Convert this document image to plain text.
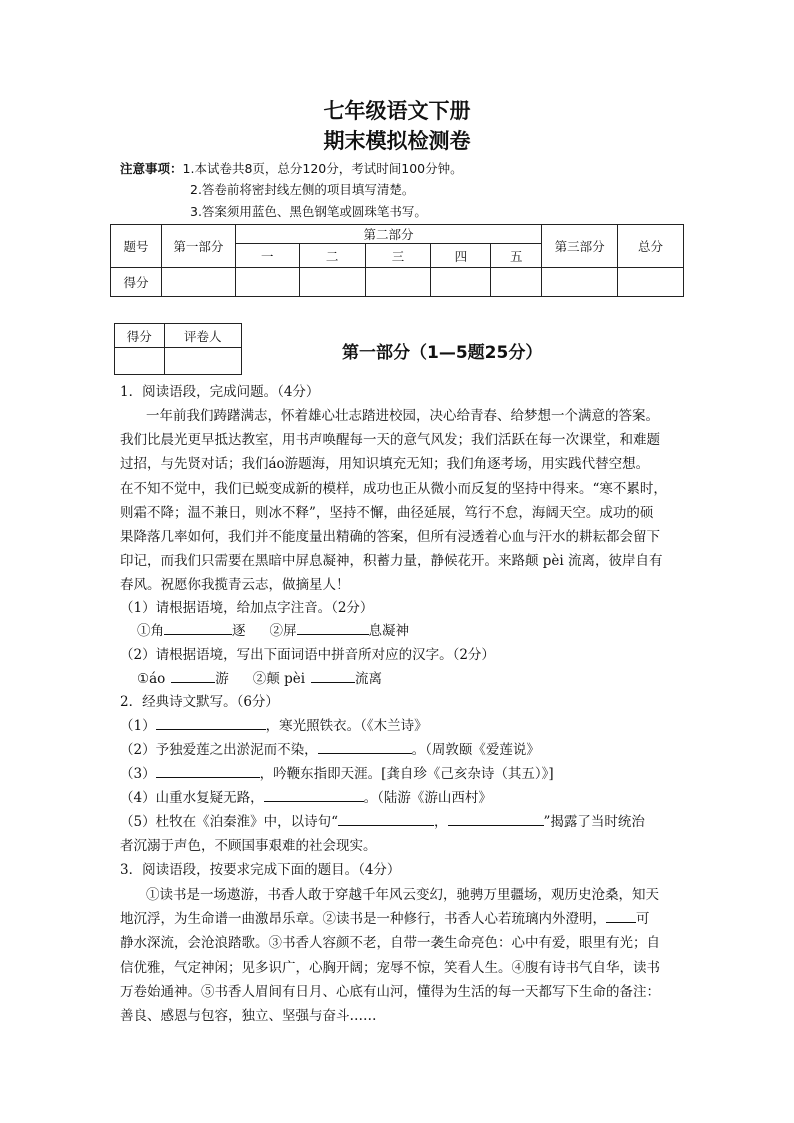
七年级语文下册
期末模拟检测卷
注意事项：1.本试卷共8页，总分120分，考试时间100分钟。
2.答卷前将密封线左侧的项目填写清楚。
3.答案须用蓝色、黑色钢笔或圆珠笔书写。
题号	第一部分	第二部分					第三部分	总分
		一	二	三	四	五		
得分								
得分	评卷人

第一部分（1—5题25分）
1．阅读语段，完成问题。（4分）
一年前我们踌躇满志，怀着雄心壮志踏进校园，决心给青春、给梦想一个满意的答案。
我们比晨光更早抵达教室，用书声唤醒每一天的意气风发；我们活跃在每一次课堂，和难题
过招，与先贤对话；我们áo游题海，用知识填充无知；我们角逐考场，用实践代替空想。
在不知不觉中，我们已蜕变成新的模样，成功也正从微小而反复的坚持中得来。“寒不累时，
则霜不降；温不兼日，则冰不释”，坚持不懈，曲径延展，笃行不怠，海阔天空。成功的硕
果降落几率如何，我们并不能度量出精确的答案，但所有浸透着心血与汗水的耕耘都会留下
印记，而我们只需要在黑暗中屏息凝神，积蓄力量，静候花开。来路颠 pèi 流离，彼岸自有
春风。祝愿你我揽青云志，做摘星人！
（1）请根据语境，给加点字注音。（2分）
①角	逐 ②屏	息凝神
（2）请根据语境，写出下面词语中拼音所对应的汉字。（2分）
①áo	游 ②颠 pèi	流离
2．经典诗文默写。（6分）
（1）	，寒光照铁衣。（《木兰诗》
（2）予独爱莲之出淤泥而不染，	。（周敦颐《爱莲说》
（3）	，吟鞭东指即天涯。[龚自珍《己亥杂诗（其五）》]
（4）山重水复疑无路，	。（陆游《游山西村》
（5）杜牧在《泊秦淮》中，以诗句“	，	”揭露了当时统治
者沉溺于声色，不顾国事艰难的社会现实。
3．阅读语段，按要求完成下面的题目。（4分）
①读书是一场遨游，书香人敢于穿越千年风云变幻，驰骋万里疆场，观历史沧桑，知天
地沉浮，为生命谱一曲激昂乐章。②读书是一种修行，书香人心若琉璃内外澄明， 可
静水深流，会沧浪踏歌。③书香人容颜不老，自带一袭生命亮色：心中有爱，眼里有光；自
信优雅，气定神闲；见多识广，心胸开阔；宠辱不惊，笑看人生。④腹有诗书气自华，读书
万卷始通神。⑤书香人眉间有日月、心底有山河，懂得为生活的每一天都写下生命的备注：
善良、感恩与包容，独立、坚强与奋斗……
